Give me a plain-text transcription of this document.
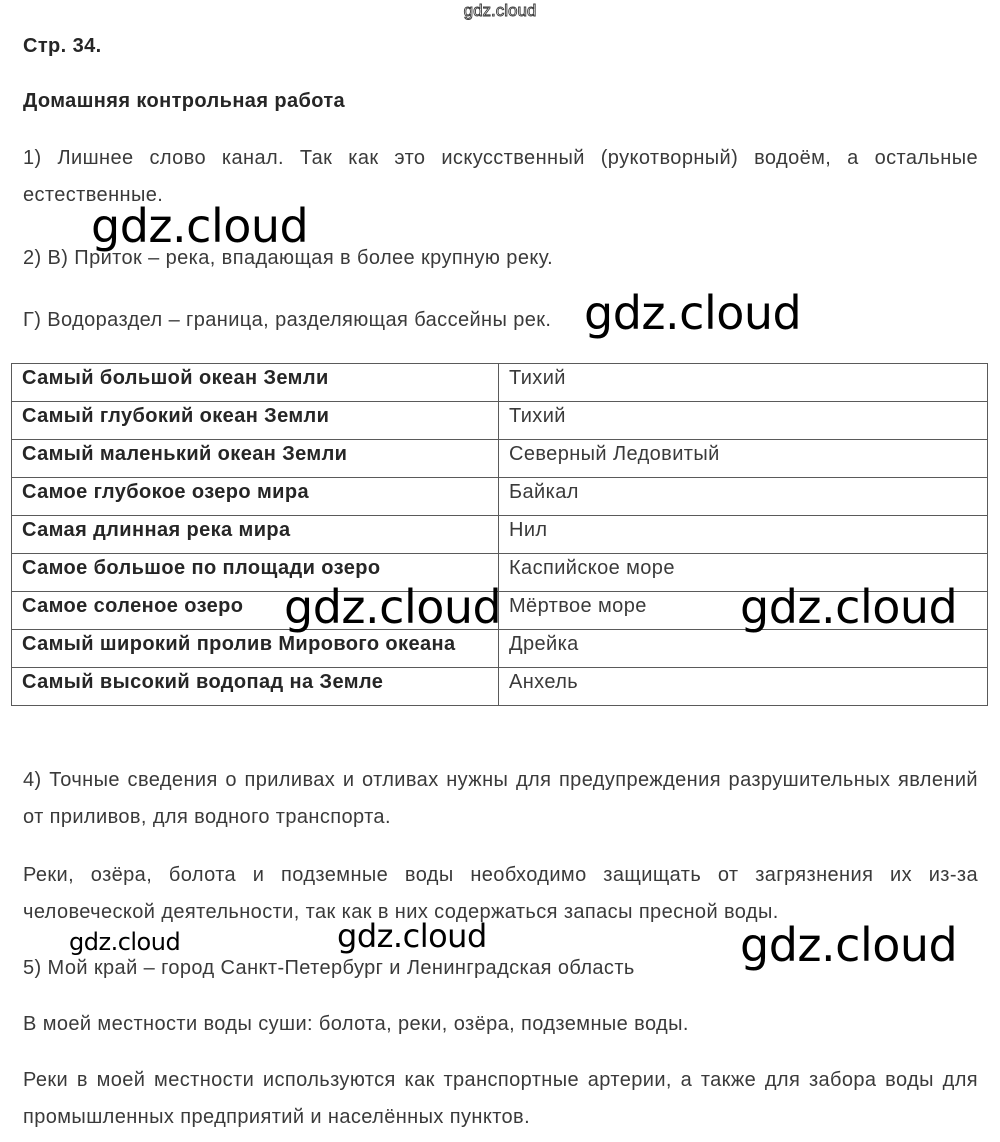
gdz.cloud

Стр. 34.

Домашняя контрольная работа

1) Лишнее слово канал. Так как это искусственный (рукотворный) водоём, а остальные естественные.

2) В) Приток – река, впадающая в более крупную реку.

Г) Водораздел – граница, разделяющая бассейны рек.

Самый большой океан Земли	Тихий
Самый глубокий океан Земли	Тихий
Самый маленький океан Земли	Северный Ледовитый
Самое глубокое озеро мира	Байкал
Самая длинная река мира	Нил
Самое большое по площади озеро	Каспийское море
Самое соленое озеро	Мёртвое море
Самый широкий пролив Мирового океана	Дрейка
Самый высокий водопад на Земле	Анхель

4) Точные сведения о приливах и отливах нужны для предупреждения разрушительных явлений от приливов, для водного транспорта.

Реки, озёра, болота и подземные воды необходимо защищать от загрязнения их из-за человеческой деятельности, так как в них содержаться запасы пресной воды.

5) Мой край – город Санкт-Петербург и Ленинградская область

В моей местности воды суши: болота, реки, озёра, подземные воды.

Реки в моей местности используются как транспортные артерии, а также для забора воды для промышленных предприятий и населённых пунктов.

gdz.cloud
gdz.cloud
gdz.cloud	gdz.cloud
gdz.cloud	gdz.cloud	gdz.cloud
